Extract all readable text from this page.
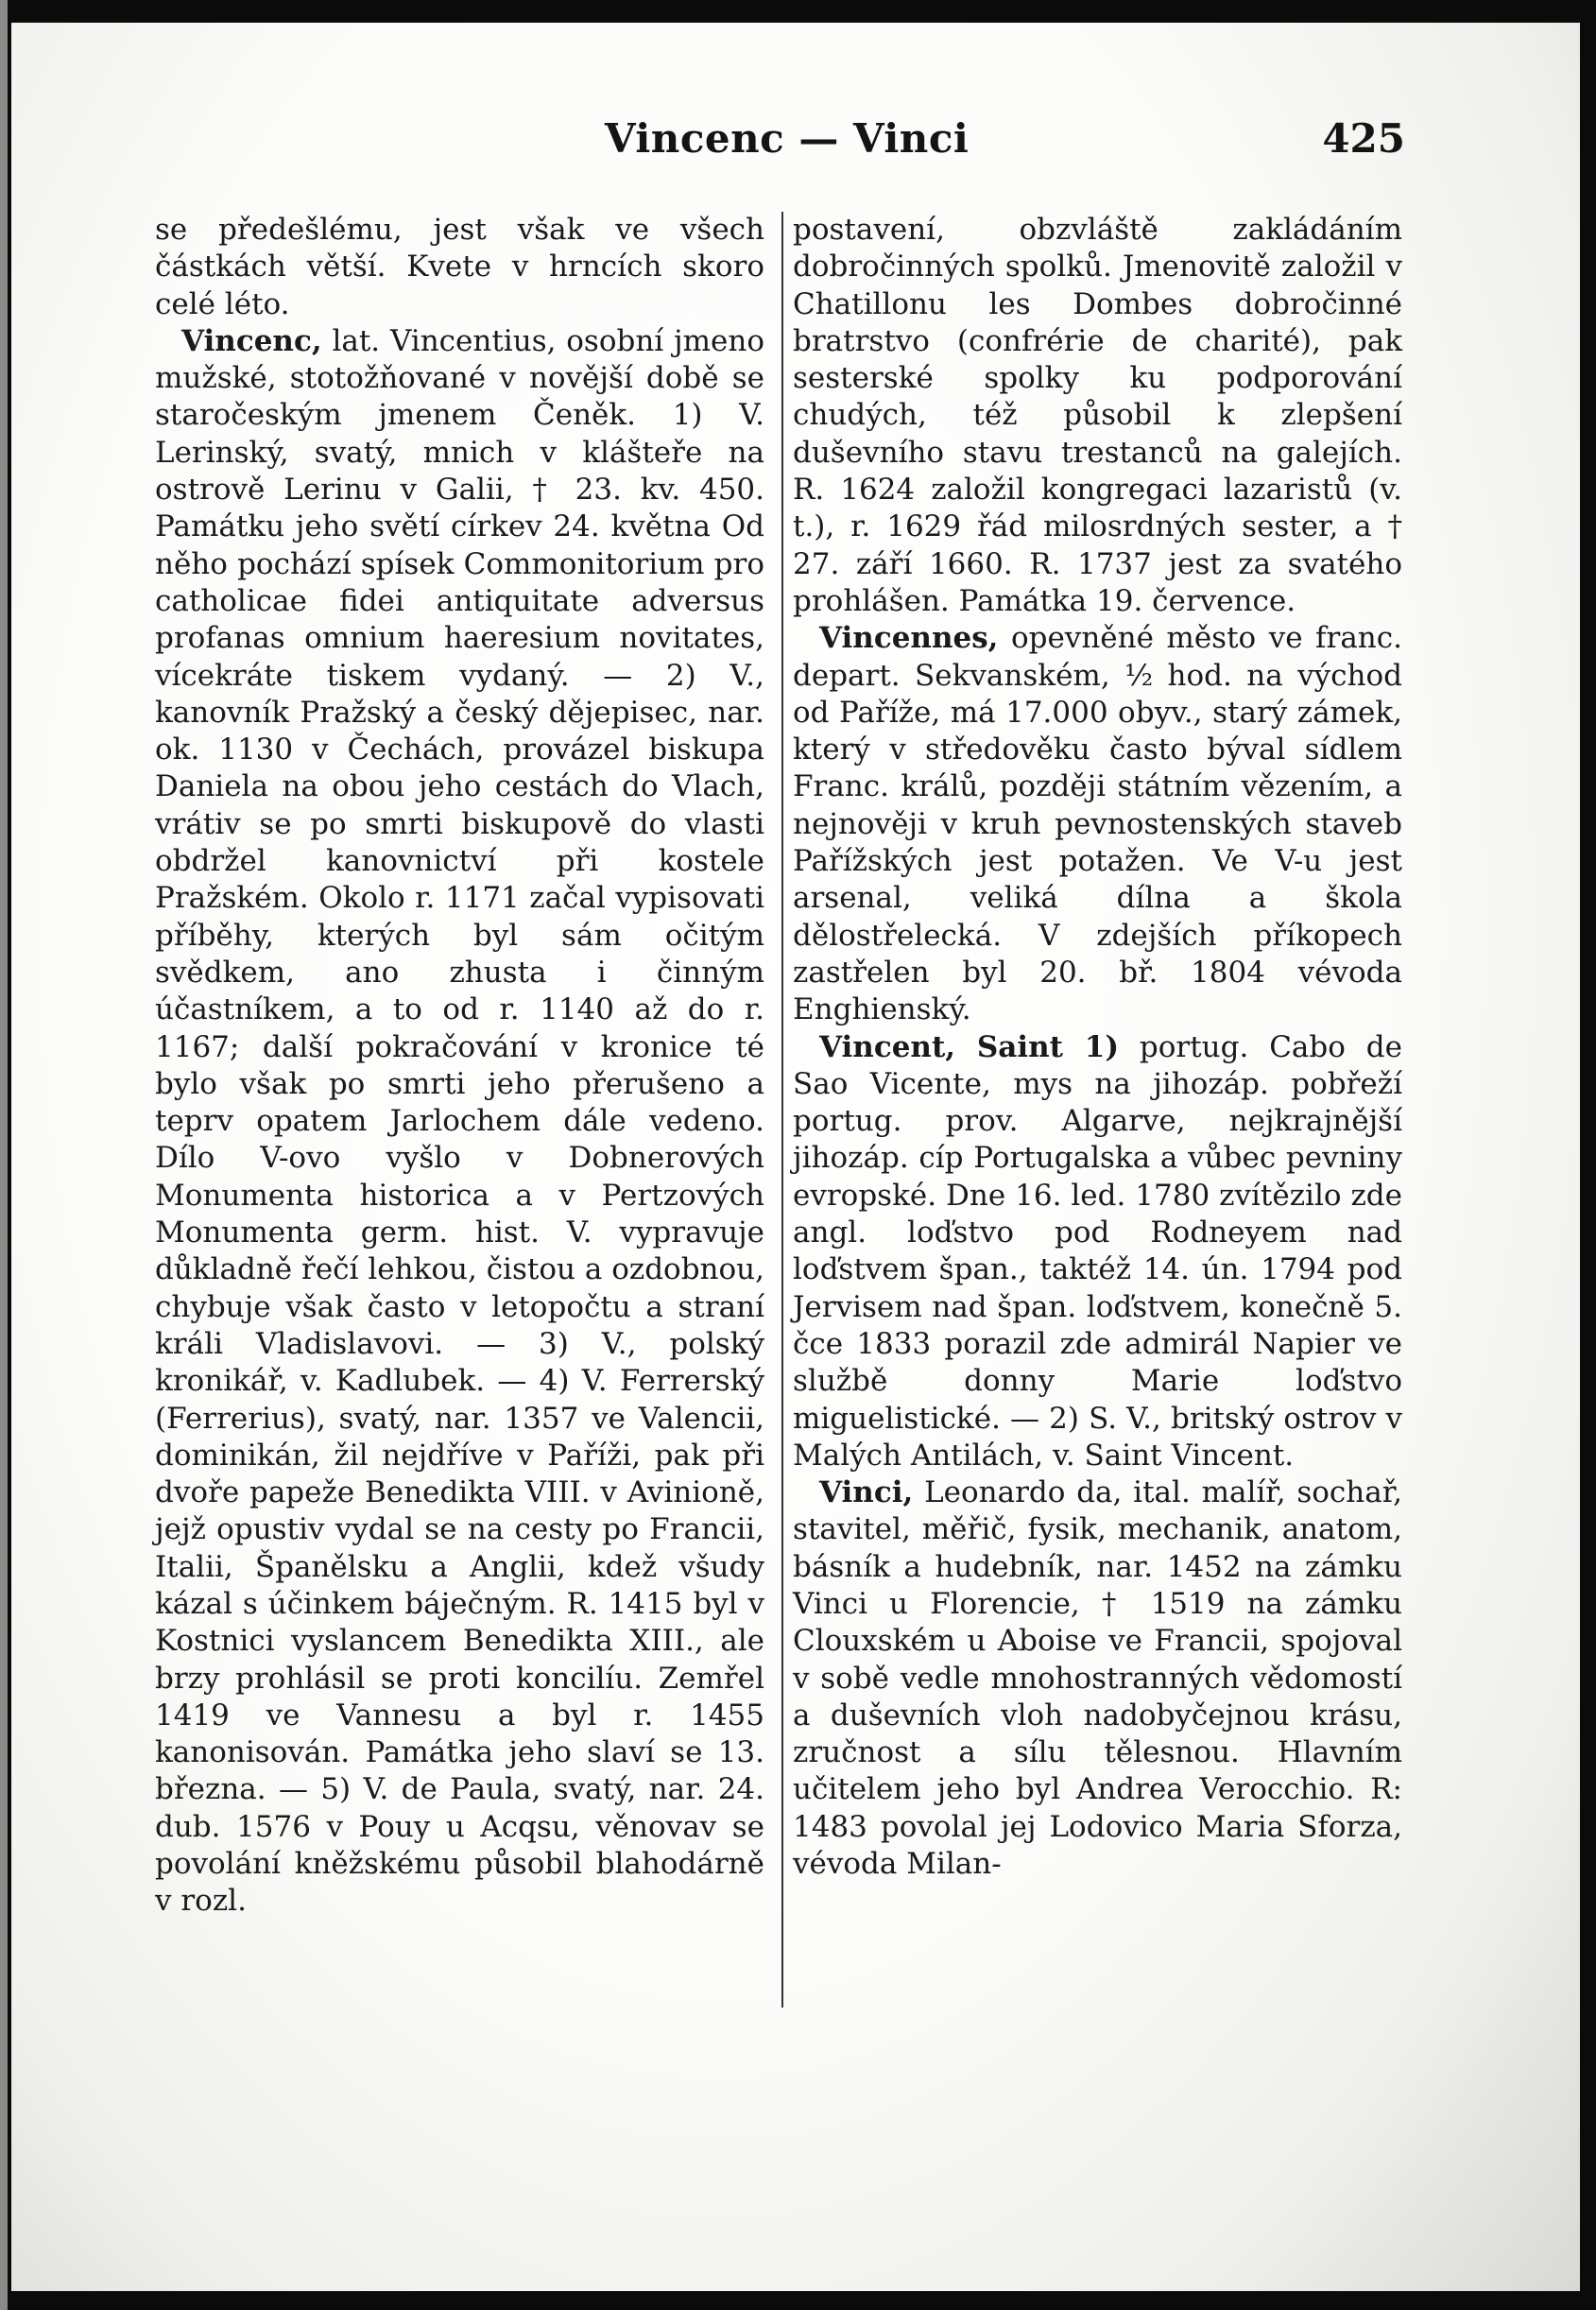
Vincenc — Vinci	425

se předešlému, jest však ve všech částkách větší. Kvete v hrncích skoro celé léto.

Vincenc, lat. Vincentius, osobní jmeno mužské, stotožňované v novější době se staročeským jmenem Čeněk. 1) V. Lerinský, svatý, mnich v klášteře na ostrově Lerinu v Galii, † 23. kv. 450. Památku jeho světí církev 24. května Od něho pochází spísek Commonitorium pro catholicae fidei antiquitate adversus profanas omnium haeresium novitates, vícekráte tiskem vydaný. — 2) V., kanovník Pražský a český dějepisec, nar. ok. 1130 v Čechách, provázel biskupa Daniela na obou jeho cestách do Vlach, vrátiv se po smrti biskupově do vlasti obdržel kanovnictví při kostele Pražském. Okolo r. 1171 začal vypisovati příběhy, kterých byl sám očitým svědkem, ano zhusta i činným účastníkem, a to od r. 1140 až do r. 1167; další pokračování v kronice té bylo však po smrti jeho přerušeno a teprv opatem Jarlochem dále vedeno. Dílo V-ovo vyšlo v Dobnerových Monumenta historica a v Pertzových Monumenta germ. hist. V. vypravuje důkladně řečí lehkou, čistou a ozdobnou, chybuje však často v letopočtu a straní králi Vladislavovi. — 3) V., polský kronikář, v. Kadlubek. — 4) V. Ferrerský (Ferrerius), svatý, nar. 1357 ve Valencii, dominikán, žil nejdříve v Paříži, pak při dvoře papeže Benedikta VIII. v Avinioně, jejž opustiv vydal se na cesty po Francii, Italii, Španělsku a Anglii, kdež všudy kázal s účinkem báječným. R. 1415 byl v Kostnici vyslancem Benedikta XIII., ale brzy prohlásil se proti koncilíu. Zemřel 1419 ve Vannesu a byl r. 1455 kanonisován. Památka jeho slaví se 13. března. — 5) V. de Paula, svatý, nar. 24. dub. 1576 v Pouy u Acqsu, věnovav se povolání kněžskému působil blahodárně v rozl.

postavení, obzvláště zakládáním dobročinných spolků. Jmenovitě založil v Chatillonu les Dombes dobročinné bratrstvo (confrérie de charité), pak sesterské spolky ku podporování chudých, též působil k zlepšení duševního stavu trestanců na galejích. R. 1624 založil kongregaci lazaristů (v. t.), r. 1629 řád milosrdných sester, a † 27. září 1660. R. 1737 jest za svatého prohlášen. Památka 19. července.

Vincennes, opevněné město ve franc. depart. Sekvanském, ½ hod. na východ od Paříže, má 17.000 obyv., starý zámek, který v středověku často býval sídlem Franc. králů, později státním vězením, a nejnověji v kruh pevnostenských staveb Pařížských jest potažen. Ve V-u jest arsenal, veliká dílna a škola dělostřelecká. V zdejších příkopech zastřelen byl 20. bř. 1804 vévoda Enghienský.

Vincent, Saint 1) portug. Cabo de Sao Vicente, mys na jihozáp. pobřeží portug. prov. Algarve, nejkrajnější jihozáp. cíp Portugalska a vůbec pevniny evropské. Dne 16. led. 1780 zvítězilo zde angl. loďstvo pod Rodneyem nad loďstvem špan., taktéž 14. ún. 1794 pod Jervisem nad špan. loďstvem, konečně 5. čce 1833 porazil zde admirál Napier ve službě donny Marie loďstvo miguelistické. — 2) S. V., britský ostrov v Malých Antilách, v. Saint Vincent.

Vinci, Leonardo da, ital. malíř, sochař, stavitel, měřič, fysik, mechanik, anatom, básník a hudebník, nar. 1452 na zámku Vinci u Florencie, † 1519 na zámku Clouxském u Aboise ve Francii, spojoval v sobě vedle mnohostranných vědomostí a duševních vloh nadobyčejnou krásu, zručnost a sílu tělesnou. Hlavním učitelem jeho byl Andrea Verocchio. R: 1483 povolal jej Lodovico Maria Sforza, vévoda Milan-
